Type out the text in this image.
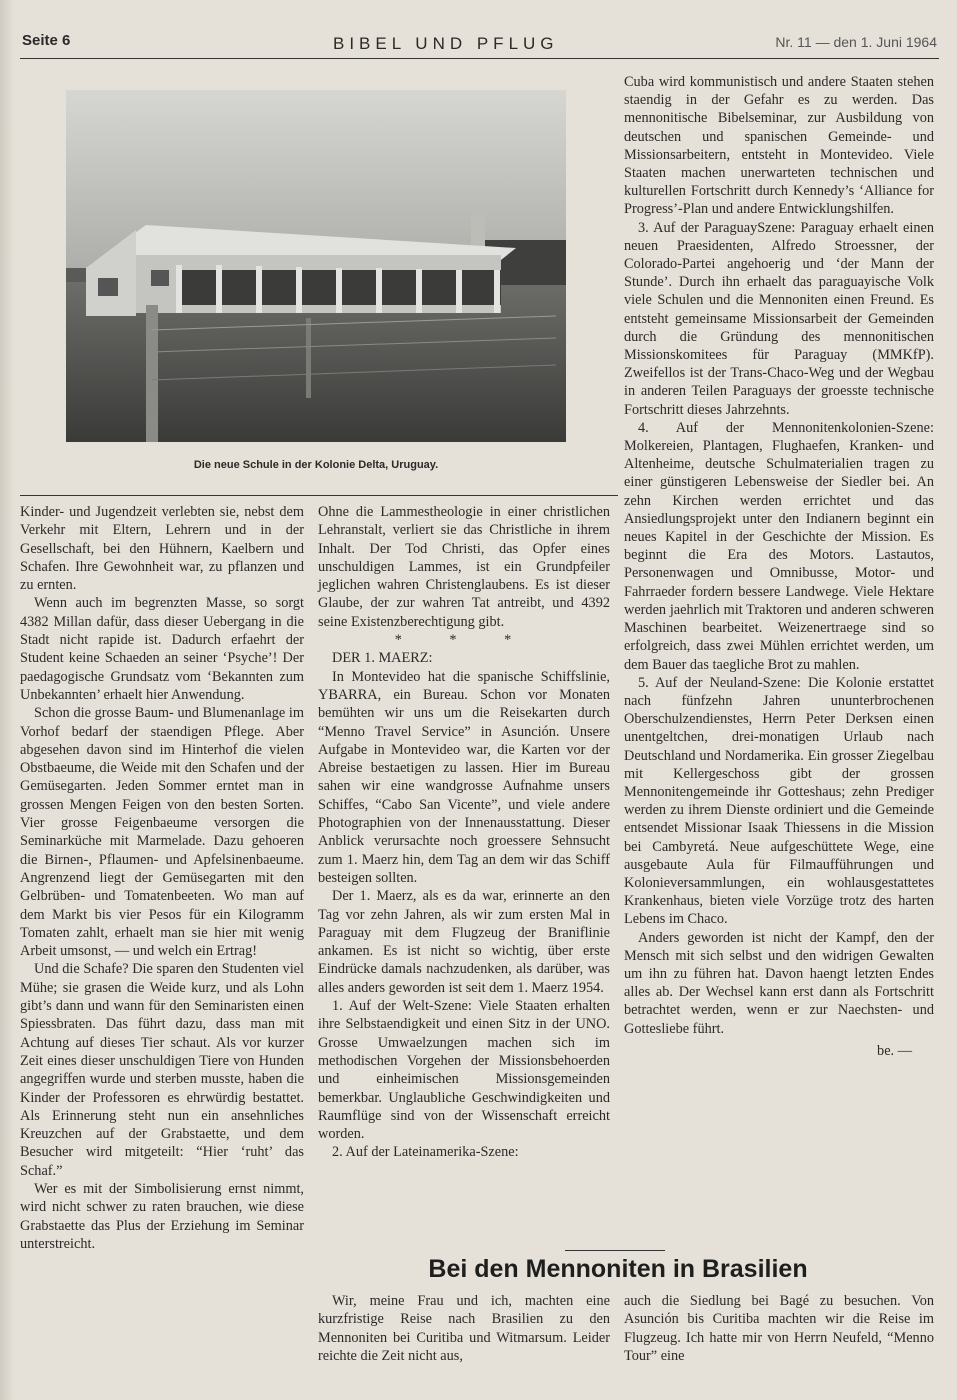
Seite 6	BIBEL UND PFLUG	Nr. 11 — den 1. Juni 1964
Die neue Schule in der Kolonie Delta, Uruguay.

Kinder- und Jugendzeit verlebten sie, nebst dem Verkehr mit Eltern, Lehrern und in der Gesellschaft, bei den Hühnern, Kaelbern und Schafen. Ihre Gewohnheit war, zu pflanzen und zu ernten.

Wenn auch im begrenzten Masse, so sorgt 4382 Millan dafür, dass dieser Uebergang in die Stadt nicht rapide ist. Dadurch erfaehrt der Student keine Schaeden an seiner ‘Psyche’! Der paedagogische Grundsatz vom ‘Bekannten zum Unbekannten’ erhaelt hier Anwendung.

Schon die grosse Baum- und Blumenanlage im Vorhof bedarf der staendigen Pflege. Aber abgesehen davon sind im Hinterhof die vielen Obstbaeume, die Weide mit den Schafen und der Gemüsegarten. Jeden Sommer erntet man in grossen Mengen Feigen von den besten Sorten. Vier grosse Feigenbaeume versorgen die Seminarküche mit Marmelade. Dazu gehoeren die Birnen-, Pflaumen- und Apfelsinenbaeume. Angrenzend liegt der Gemüsegarten mit den Gelbrüben- und Tomatenbeeten. Wo man auf dem Markt bis vier Pesos für ein Kilogramm Tomaten zahlt, erhaelt man sie hier mit wenig Arbeit umsonst, — und welch ein Ertrag!

Und die Schafe? Die sparen den Studenten viel Mühe; sie grasen die Weide kurz, und als Lohn gibt’s dann und wann für den Seminaristen einen Spiessbraten. Das führt dazu, dass man mit Achtung auf dieses Tier schaut. Als vor kurzer Zeit eines dieser unschuldigen Tiere von Hunden angegriffen wurde und sterben musste, haben die Kinder der Professoren es ehrwürdig bestattet. Als Erinnerung steht nun ein ansehnliches Kreuzchen auf der Grabstaette, und dem Besucher wird mitgeteilt: “Hier ‘ruht’ das Schaf.”

Wer es mit der Simbolisierung ernst nimmt, wird nicht schwer zu raten brauchen, wie diese Grabstaette das Plus der Erziehung im Seminar unterstreicht.

Ohne die Lammestheologie in einer christlichen Lehranstalt, verliert sie das Christliche in ihrem Inhalt. Der Tod Christi, das Opfer eines unschuldigen Lammes, ist ein Grundpfeiler jeglichen wahren Christenglaubens. Es ist dieser Glaube, der zur wahren Tat antreibt, und 4392 seine Existenzberechtigung gibt.

* * *

DER 1. MAERZ:

In Montevideo hat die spanische Schiffslinie, YBARRA, ein Bureau. Schon vor Monaten bemühten wir uns um die Reisekarten durch “Menno Travel Service” in Asunción. Unsere Aufgabe in Montevideo war, die Karten vor der Abreise bestaetigen zu lassen. Hier im Bureau sahen wir eine wandgrosse Aufnahme unsers Schiffes, “Cabo San Vicente”, und viele andere Photographien von der Innenausstattung. Dieser Anblick verursachte noch groessere Sehnsucht zum 1. Maerz hin, dem Tag an dem wir das Schiff besteigen sollten.

Der 1. Maerz, als es da war, erinnerte an den Tag vor zehn Jahren, als wir zum ersten Mal in Paraguay mit dem Flugzeug der Braniflinie ankamen. Es ist nicht so wichtig, über erste Eindrücke damals nachzudenken, als darüber, was alles anders geworden ist seit dem 1. Maerz 1954.

1. Auf der Welt-Szene: Viele Staaten erhalten ihre Selbstaendigkeit und einen Sitz in der UNO. Grosse Umwaelzungen machen sich im methodischen Vorgehen der Missionsbehoerden und einheimischen Missionsgemeinden bemerkbar. Unglaubliche Geschwindigkeiten und Raumflüge sind von der Wissenschaft erreicht worden.

2. Auf der Lateinamerika-Szene:

Cuba wird kommunistisch und andere Staaten stehen staendig in der Gefahr es zu werden. Das mennonitische Bibelseminar, zur Ausbildung von deutschen und spanischen Gemeinde- und Missionsarbeitern, entsteht in Montevideo. Viele Staaten machen unerwarteten technischen und kulturellen Fortschritt durch Kennedy’s ‘Alliance for Progress’-Plan und andere Entwicklungshilfen.

3. Auf der ParaguaySzene: Paraguay erhaelt einen neuen Praesidenten, Alfredo Stroessner, der Colorado-Partei angehoerig und ‘der Mann der Stunde’. Durch ihn erhaelt das paraguayische Volk viele Schulen und die Mennoniten einen Freund. Es entsteht gemeinsame Missionsarbeit der Gemeinden durch die Gründung des mennonitischen Missionskomitees für Paraguay (MMKfP). Zweifellos ist der Trans-Chaco-Weg und der Wegbau in anderen Teilen Paraguays der groesste technische Fortschritt dieses Jahrzehnts.

4. Auf der Mennonitenkolonien-Szene: Molkereien, Plantagen, Flughaefen, Kranken- und Altenheime, deutsche Schulmaterialien tragen zu einer günstigeren Lebensweise der Siedler bei. An zehn Kirchen werden errichtet und das Ansiedlungsprojekt unter den Indianern beginnt ein neues Kapitel in der Geschichte der Mission. Es beginnt die Era des Motors. Lastautos, Personenwagen und Omnibusse, Motor- und Fahrraeder fordern bessere Landwege. Viele Hektare werden jaehrlich mit Traktoren und anderen schweren Maschinen bearbeitet. Weizenertraege sind so erfolgreich, dass zwei Mühlen errichtet werden, um dem Bauer das taegliche Brot zu mahlen.

5. Auf der Neuland-Szene: Die Kolonie erstattet nach fünfzehn Jahren ununterbrochenen Oberschulzendienstes, Herrn Peter Derksen einen unentgeltchen, drei-monatigen Urlaub nach Deutschland und Nordamerika. Ein grosser Ziegelbau mit Kellergeschoss gibt der grossen Mennonitengemeinde ihr Gotteshaus; zehn Prediger werden zu ihrem Dienste ordiniert und die Gemeinde entsendet Missionar Isaak Thiessens in die Mission bei Cambyretá. Neue aufgeschüttete Wege, eine ausgebaute Aula für Filmaufführungen und Koloniеversammlungen, ein wohlausgestattetes Krankenhaus, bieten viele Vorzüge trotz des harten Lebens im Chaco.

Anders geworden ist nicht der Kampf, den der Mensch mit sich selbst und den widrigen Gewalten um ihn zu führen hat. Davon haengt letzten Endes alles ab. Der Wechsel kann erst dann als Fortschritt betrachtet werden, wenn er zur Naechsten- und Gottesliebe führt.

be. —

Bei den Mennoniten in Brasilien

Wir, meine Frau und ich, machten eine kurzfristige Reise nach Brasilien zu den Mennoniten bei Curitiba und Witmarsum. Leider reichte die Zeit nicht aus,

auch die Siedlung bei Bagé zu besuchen. Von Asunción bis Curitiba machten wir die Reise im Flugzeug. Ich hatte mir von Herrn Neufeld, “Menno Tour” eine
